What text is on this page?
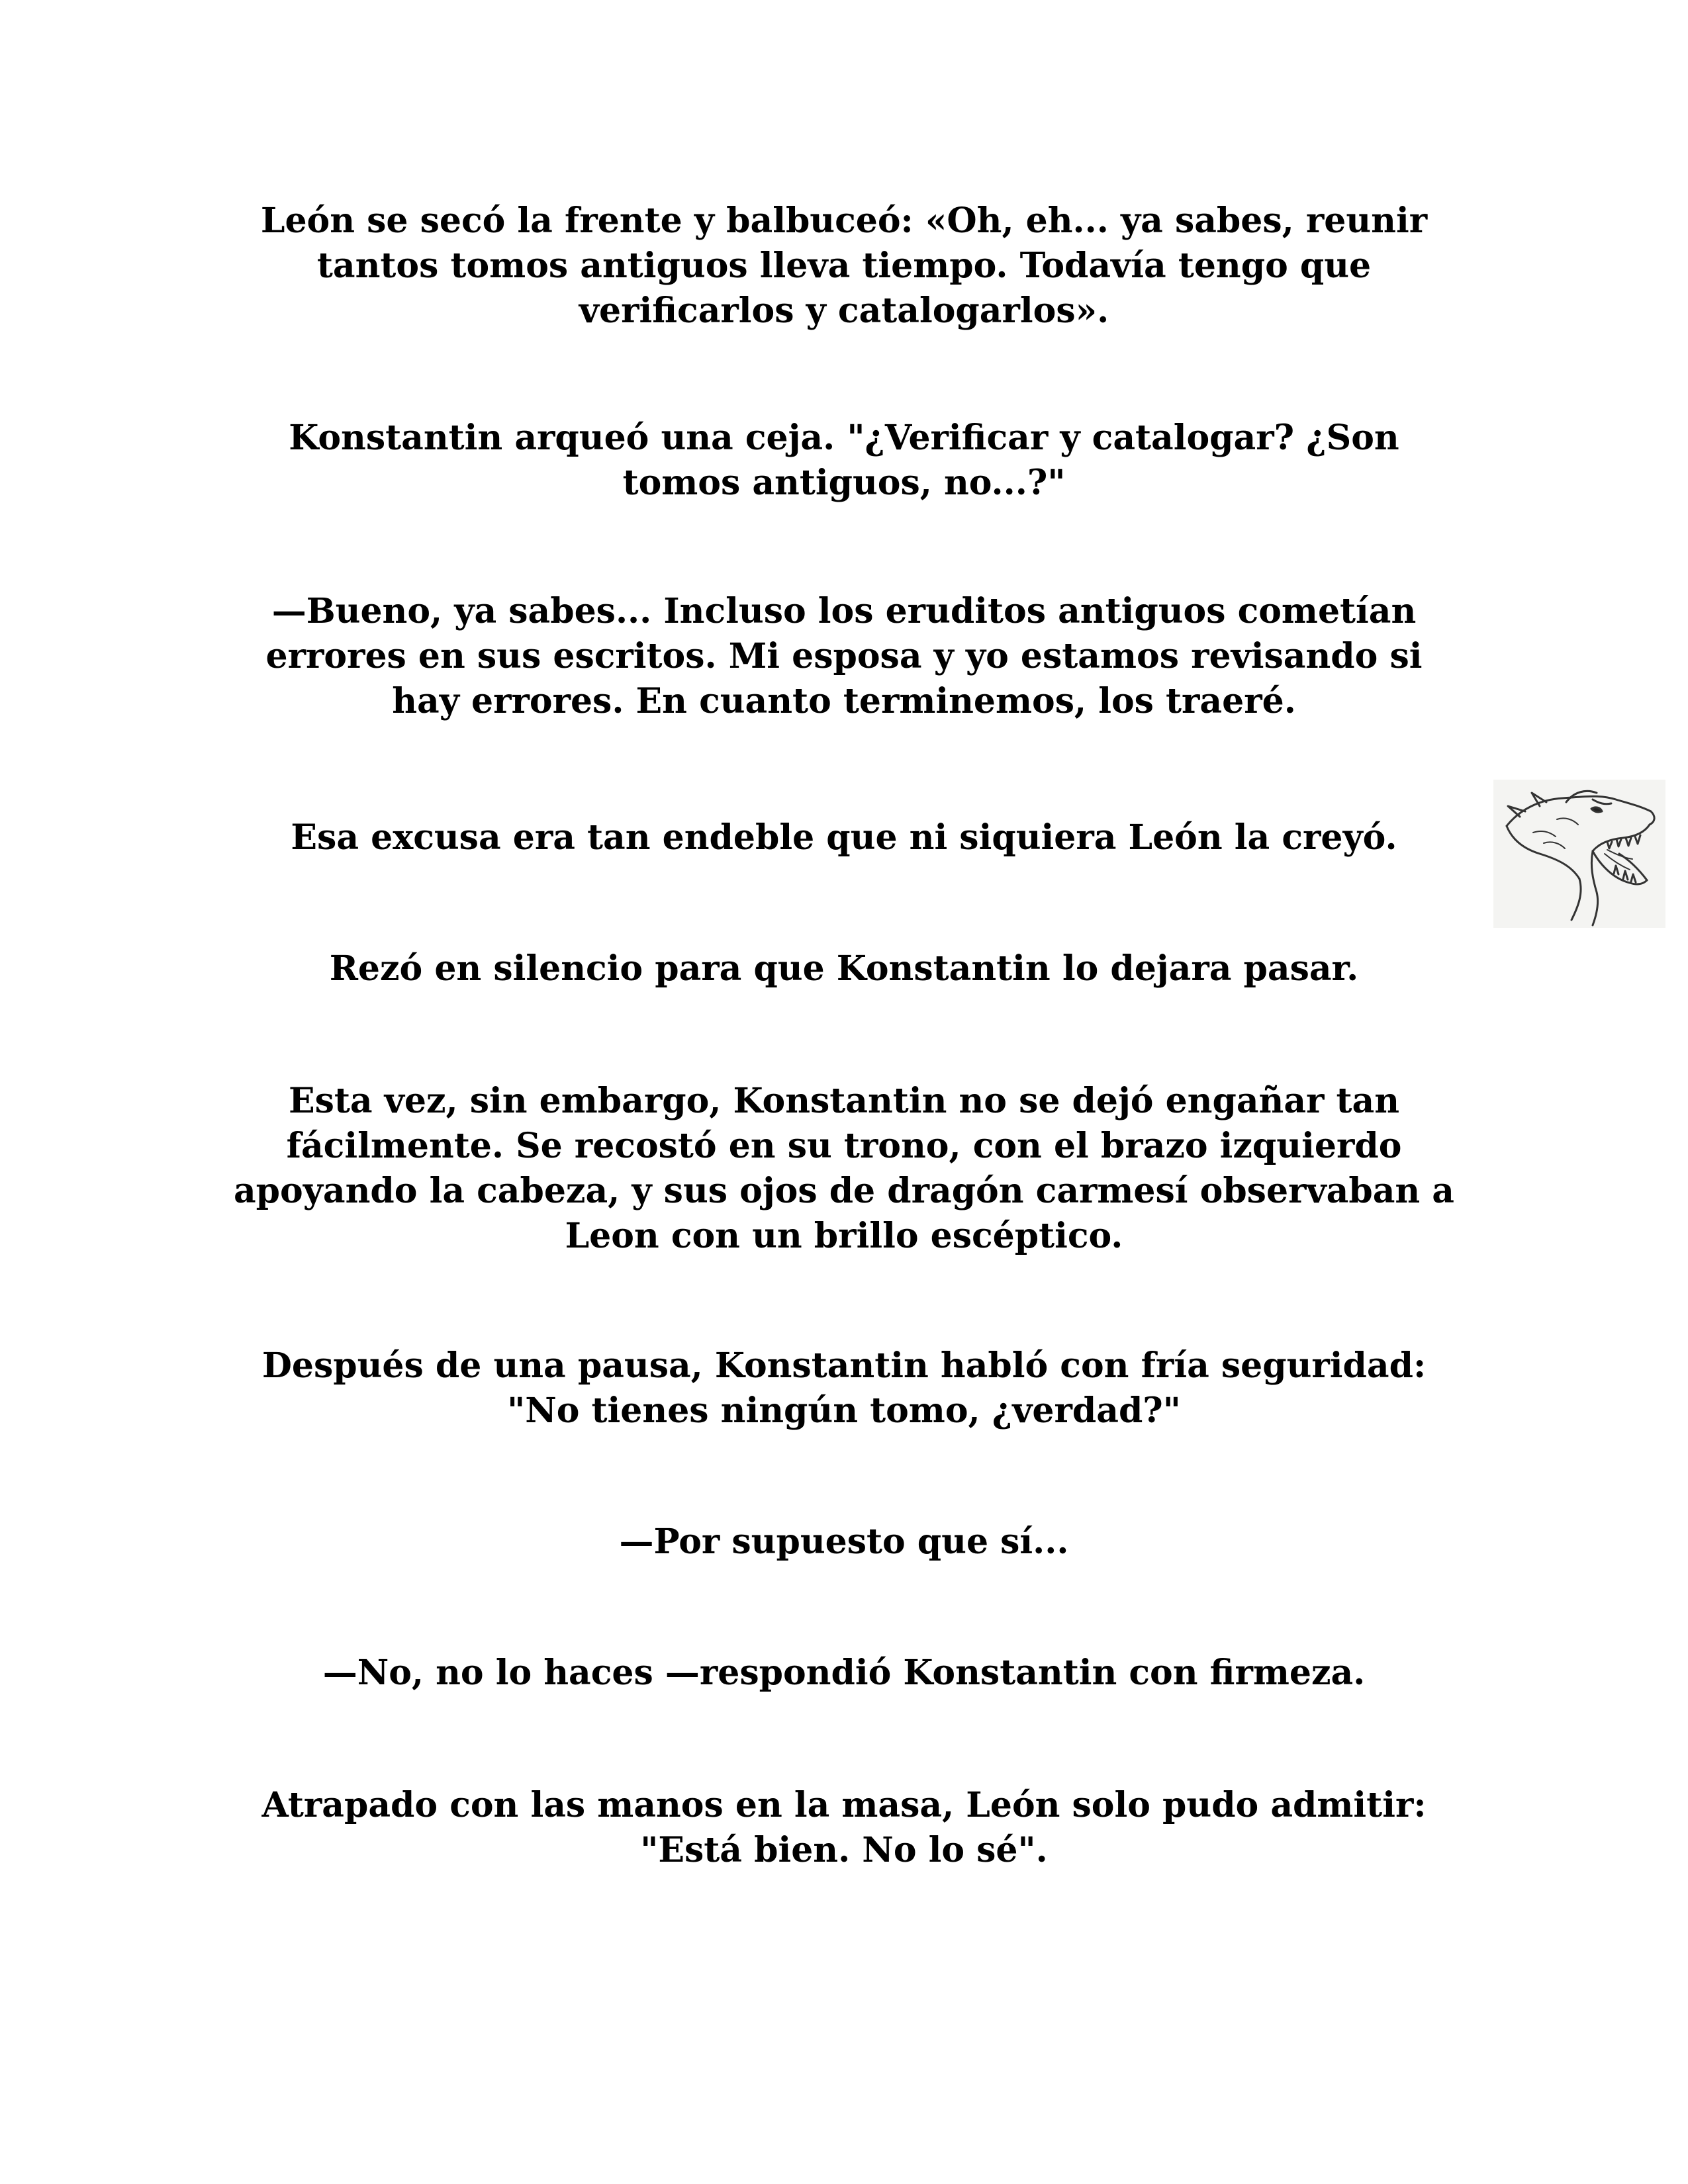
León se secó la frente y balbuceó: «Oh, eh... ya sabes, reunir
tantos tomos antiguos lleva tiempo. Todavía tengo que
verificarlos y catalogarlos».

Konstantin arqueó una ceja. "¿Verificar y catalogar? ¿Son
tomos antiguos, no...?"

—Bueno, ya sabes... Incluso los eruditos antiguos cometían
errores en sus escritos. Mi esposa y yo estamos revisando si
hay errores. En cuanto terminemos, los traeré.

Esa excusa era tan endeble que ni siquiera León la creyó.

Rezó en silencio para que Konstantin lo dejara pasar.

Esta vez, sin embargo, Konstantin no se dejó engañar tan
fácilmente. Se recostó en su trono, con el brazo izquierdo
apoyando la cabeza, y sus ojos de dragón carmesí observaban a
Leon con un brillo escéptico.

Después de una pausa, Konstantin habló con fría seguridad:
"No tienes ningún tomo, ¿verdad?"

—Por supuesto que sí...

—No, no lo haces —respondió Konstantin con firmeza.

Atrapado con las manos en la masa, León solo pudo admitir:
"Está bien. No lo sé".
